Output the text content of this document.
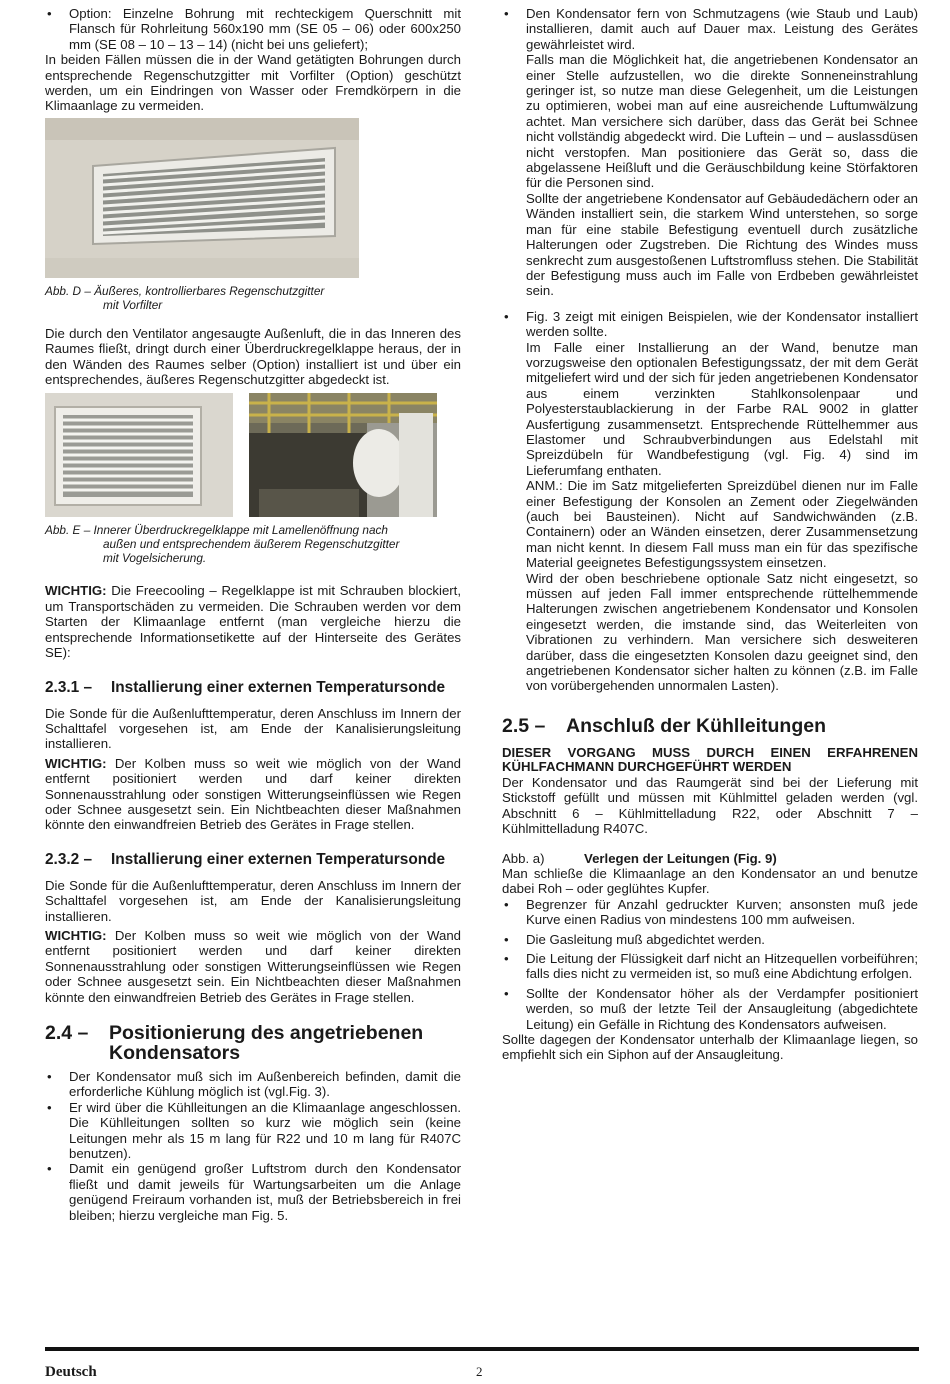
• Option: Einzelne Bohrung mit rechteckigem Querschnitt mit Flansch für Rohrleitung 560x190 mm (SE 05 – 06) oder 600x250 mm (SE 08 – 10 – 13 – 14) (nicht bei uns geliefert);

In beiden Fällen müssen die in der Wand getätigten Bohrungen durch entsprechende Regenschutzgitter mit Vorfilter (Option) geschützt werden, um ein Eindringen von Wasser oder Fremdkörpern in die Klimaanlage zu vermeiden.

Abb. D – Äußeres, kontrollierbares Regenschutzgitter
mit Vorfilter

Die durch den Ventilator angesaugte Außenluft, die in das Inneren des Raumes fließt, dringt durch einer Überdruckregelklappe heraus, der in den Wänden des Raumes selber (Option) installiert ist und über ein entsprechendes, äußeres Regenschutzgitter abgedeckt ist.

Abb. E – Innerer Überdruckregelklappe mit Lamellenöffnung nach
außen und entsprechendem äußerem Regenschutzgitter
mit Vogelsicherung.

WICHTIG: Die Freecooling – Regelklappe ist mit Schrauben blockiert, um Transportschäden zu vermeiden. Die Schrauben werden vor dem Starten der Klimaanlage entfernt (man vergleiche hierzu die entsprechende Informationsetikette auf der Hinterseite des Gerätes SE):

2.3.1 –	Installierung einer externen Temperatursonde

Die Sonde für die Außenlufttemperatur, deren Anschluss im Innern der Schalttafel vorgesehen ist, am Ende der Kanalisierungsleitung installieren.

WICHTIG: Der Kolben muss so weit wie möglich von der Wand entfernt positioniert werden und darf keiner direkten Sonnenausstrahlung oder sonstigen Witterungseinflüssen wie Regen oder Schnee ausgesetzt sein. Ein Nichtbeachten dieser Maßnahmen könnte den einwandfreien Betrieb des Gerätes in Frage stellen.

2.3.2 –	Installierung einer externen Temperatursonde

Die Sonde für die Außenlufttemperatur, deren Anschluss im Innern der Schalttafel vorgesehen ist, am Ende der Kanalisierungsleitung installieren.

WICHTIG: Der Kolben muss so weit wie möglich von der Wand entfernt positioniert werden und darf keiner direkten Sonnenausstrahlung oder sonstigen Witterungseinflüssen wie Regen oder Schnee ausgesetzt sein. Ein Nichtbeachten dieser Maßnahmen könnte den einwandfreien Betrieb des Gerätes in Frage stellen.

2.4 –	Positionierung des angetriebenen Kondensators
• Der Kondensator muß sich im Außenbereich befinden, damit die erforderliche Kühlung möglich ist (vgl.Fig. 3).
• Er wird über die Kühlleitungen an die Klimaanlage angeschlossen. Die Kühlleitungen sollten so kurz wie möglich sein (keine Leitungen mehr als 15 m lang für R22 und 10 m lang für R407C benutzen).
• Damit ein genügend großer Luftstrom durch den Kondensator fließt und damit jeweils für Wartungsarbeiten um die Anlage genügend Freiraum vorhanden ist, muß der Betriebsbereich in frei bleiben; hierzu vergleiche man Fig. 5.
• Den Kondensator fern von Schmutzagens (wie Staub und Laub) installieren, damit auch auf Dauer max. Leistung des Gerätes gewährleistet wird.

Falls man die Möglichkeit hat, die angetriebenen Kondensator an einer Stelle aufzustellen, wo die direkte Sonneneinstrahlung geringer ist, so nutze man diese Gelegenheit, um die Leistungen zu optimieren, wobei man auf eine ausreichende Luftumwälzung achtet. Man versichere sich darüber, dass das Gerät bei Schnee nicht vollständig abgedeckt wird. Die Luftein – und – auslassdüsen nicht verstopfen. Man positioniere das Gerät so, dass die abgelassene Heißluft und die Geräuschbildung keine Störfaktoren für die Personen sind.

Sollte der angetriebene Kondensator auf Gebäudedächern oder an Wänden installiert sein, die starkem Wind unterstehen, so sorge man für eine stabile Befestigung eventuell durch zusätzliche Halterungen oder Zugstreben. Die Richtung des Windes muss senkrecht zum ausgestoßenen Luftstromfluss stehen. Die Stabilität der Befestigung muss auch im Falle von Erdbeben gewährleistet sein.

• Fig. 3 zeigt mit einigen Beispielen, wie der Kondensator installiert werden sollte.

Im Falle einer Installierung an der Wand, benutze man vorzugsweise den optionalen Befestigungssatz, der mit dem Gerät mitgeliefert wird und der sich für jeden angetriebenen Kondensator aus einem verzinkten Stahlkonsolenpaar und Polyesterstaublackierung in der Farbe RAL 9002 in glatter Ausfertigung zusammensetzt. Entsprechende Rüttelhemmer aus Elastomer und Schraubverbindungen aus Edelstahl mit Spreizdübeln für Wandbefestigung (vgl. Fig. 4) sind im Lieferumfang enthaten.

ANM.: Die im Satz mitgelieferten Spreizdübel dienen nur im Falle einer Befestigung der Konsolen an Zement oder Ziegelwänden (auch bei Bausteinen). Nicht auf Sandwichwänden (z.B. Containern) oder an Wänden einsetzen, derer Zusammensetzung man nicht kennt. In diesem Fall muss man ein für das spezifische Material geeignetes Befestigungssystem einsetzen.

Wird der oben beschriebene optionale Satz nicht eingesetzt, so müssen auf jeden Fall immer entsprechende rüttelhemmende Halterungen zwischen angetriebenem Kondensator und Konsolen eingesetzt werden, die imstande sind, das Weiterleiten von Vibrationen zu verhindern. Man versichere sich desweiteren darüber, dass die eingesetzten Konsolen dazu geeignet sind, den angetriebenen Kondensator sicher halten zu können (z.B. im Falle von vorübergehenden unnormalen Lasten).

2.5 –	Anschluß der Kühlleitungen

DIESER VORGANG MUSS DURCH EINEN ERFAHRENEN KÜHLFACHMANN DURCHGEFÜHRT WERDEN

Der Kondensator und das Raumgerät sind bei der Lieferung mit Stickstoff gefüllt und müssen mit Kühlmittel geladen werden (vgl. Abschnitt 6 – Kühlmittelladung R22, oder Abschnitt 7 – Kühlmittelladung R407C.

Abb. a)	Verlegen der Leitungen (Fig. 9)

Man schließe die Klimaanlage an den Kondensator an und benutze dabei Roh – oder geglühtes Kupfer.

• Begrenzer für Anzahl gedruckter Kurven; ansonsten muß jede Kurve einen Radius von mindestens 100 mm aufweisen.
• Die Gasleitung muß abgedichtet werden.
• Die Leitung der Flüssigkeit darf nicht an Hitzequellen vorbeiführen; falls dies nicht zu vermeiden ist, so muß eine Abdichtung erfolgen.
• Sollte der Kondensator höher als der Verdampfer positioniert werden, so muß der letzte Teil der Ansaugleitung (abgedichtete Leitung) ein Gefälle in Richtung des Kondensators aufweisen.

Sollte dagegen der Kondensator unterhalb der Klimaanlage liegen, so empfiehlt sich ein Siphon auf der Ansaugleitung.

Deutsch	2
